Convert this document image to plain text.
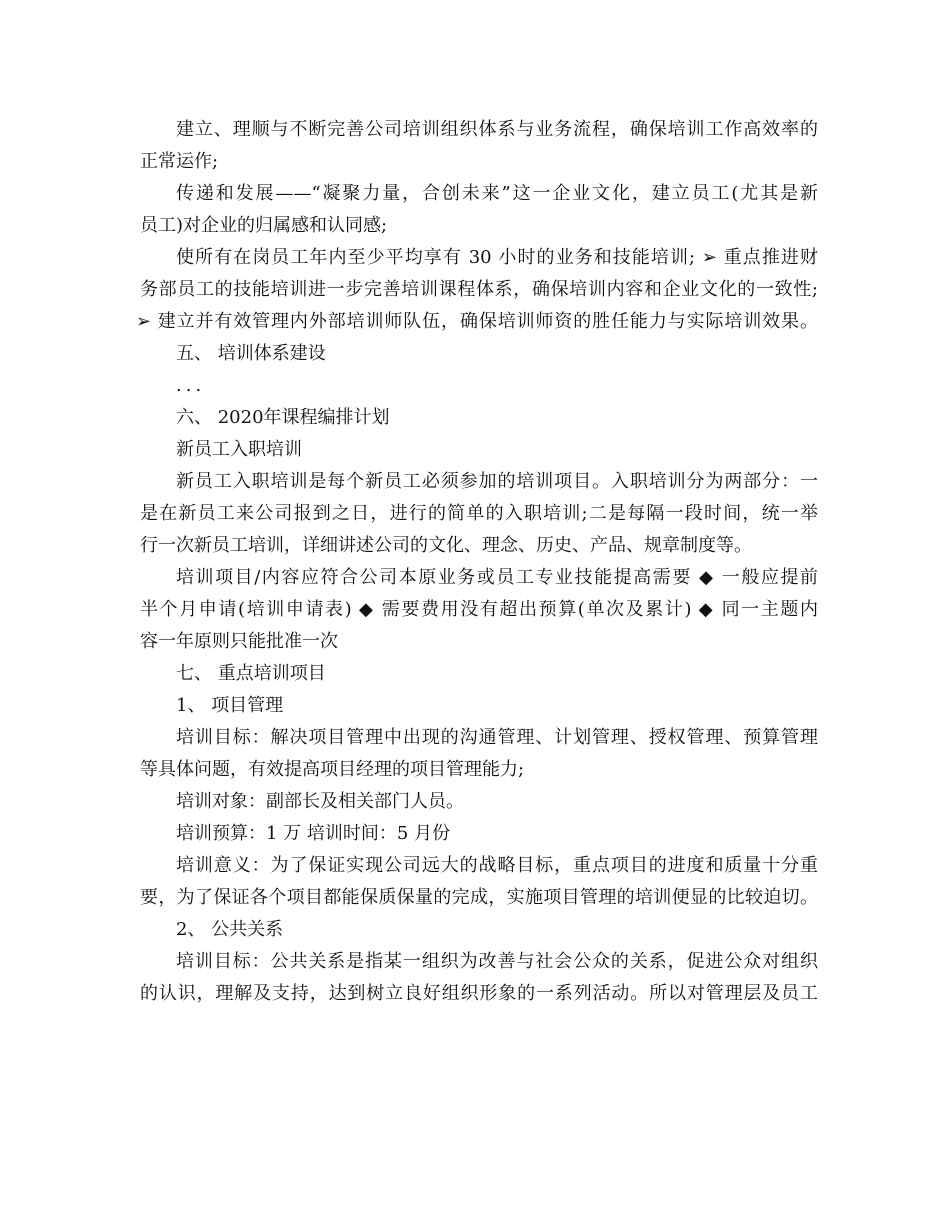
建立、理顺与不断完善公司培训组织体系与业务流程，确保培训工作高效率的
正常运作;
传递和发展——“凝聚力量，合创未来”这一企业文化，建立员工(尤其是新
员工)对企业的归属感和认同感;
使所有在岗员工年内至少平均享有 30 小时的业务和技能培训; ➢ 重点推进财
务部员工的技能培训进一步完善培训课程体系，确保培训内容和企业文化的一致性;
➢ 建立并有效管理内外部培训师队伍，确保培训师资的胜任能力与实际培训效果。
五、 培训体系建设
...
六、 2020年课程编排计划
新员工入职培训
新员工入职培训是每个新员工必须参加的培训项目。入职培训分为两部分：一
是在新员工来公司报到之日，进行的简单的入职培训;二是每隔一段时间，统一举
行一次新员工培训，详细讲述公司的文化、理念、历史、产品、规章制度等。
培训项目/内容应符合公司本原业务或员工专业技能提高需要 ◆ 一般应提前
半个月申请(培训申请表) ◆ 需要费用没有超出预算(单次及累计) ◆ 同一主题内
容一年原则只能批准一次
七、 重点培训项目
1、 项目管理
培训目标：解决项目管理中出现的沟通管理、计划管理、授权管理、预算管理
等具体问题，有效提高项目经理的项目管理能力;
培训对象：副部长及相关部门人员。
培训预算：1 万 培训时间：5 月份
培训意义：为了保证实现公司远大的战略目标，重点项目的进度和质量十分重
要，为了保证各个项目都能保质保量的完成，实施项目管理的培训便显的比较迫切。
2、 公共关系
培训目标：公共关系是指某一组织为改善与社会公众的关系，促进公众对组织
的认识，理解及支持，达到树立良好组织形象的一系列活动。所以对管理层及员工
